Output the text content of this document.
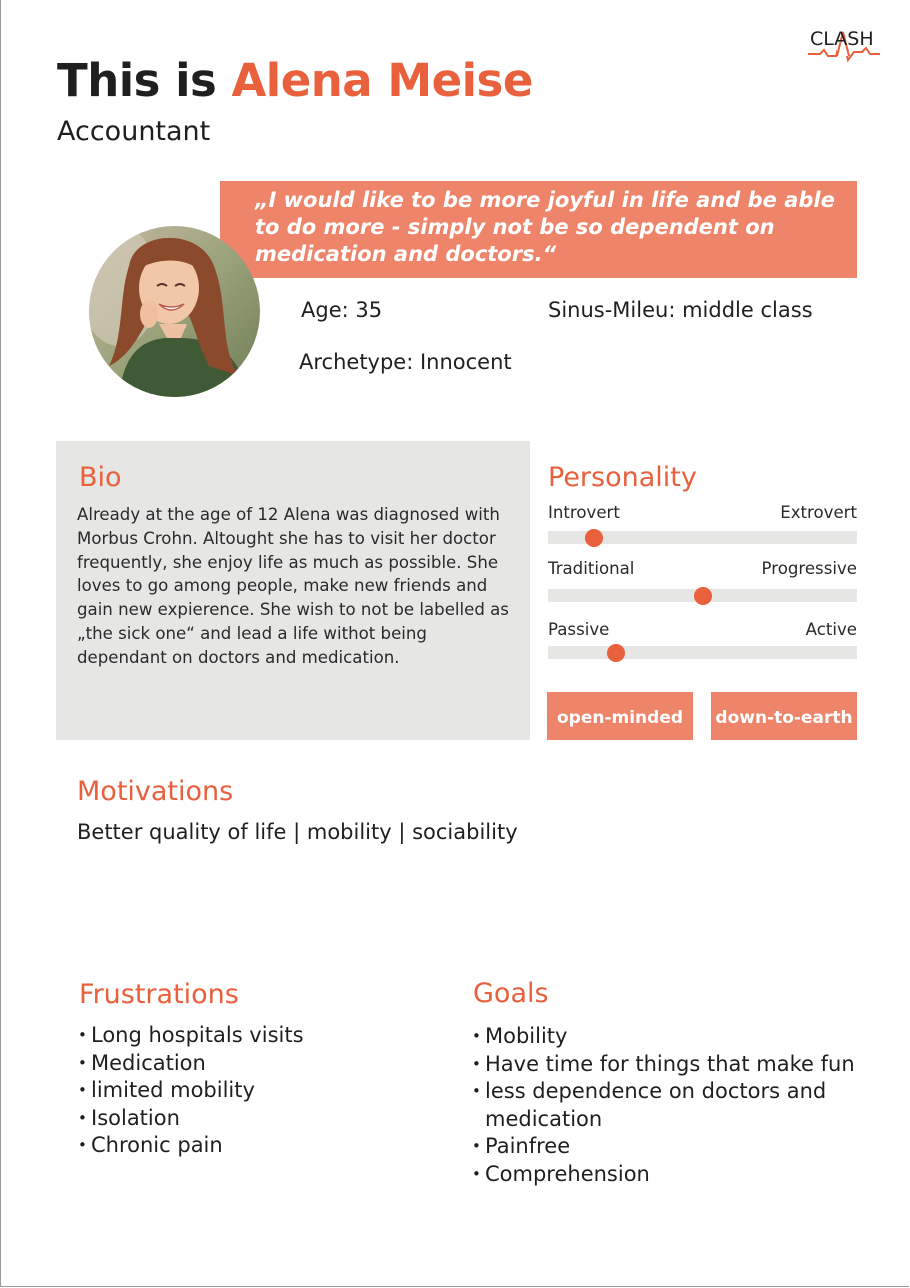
CLASH
This is Alena Meise
Accountant
„I would like to be more joyful in life and be able to do more - simply not be so dependent on medication and doctors.“
Age: 35	Sinus-Mileu: middle class
Archetype: Innocent
Bio
Already at the age of 12 Alena was diagnosed with Morbus Crohn. Altought she has to visit her doctor frequently, she enjoy life as much as possible. She loves to go among people, make new friends and gain new expierence. She wish to not be labelled as „the sick one“ and lead a life withot being dependant on doctors and medication.
Personality
Introvert	Extrovert
Traditional	Progressive
Passive	Active
open-minded	down-to-earth
Motivations
Better quality of life | mobility | sociability
Frustrations
• Long hospitals visits
• Medication
• limited mobility
• Isolation
• Chronic pain
Goals
• Mobility
• Have time for things that make fun
• less dependence on doctors and medication
• Painfree
• Comprehension
